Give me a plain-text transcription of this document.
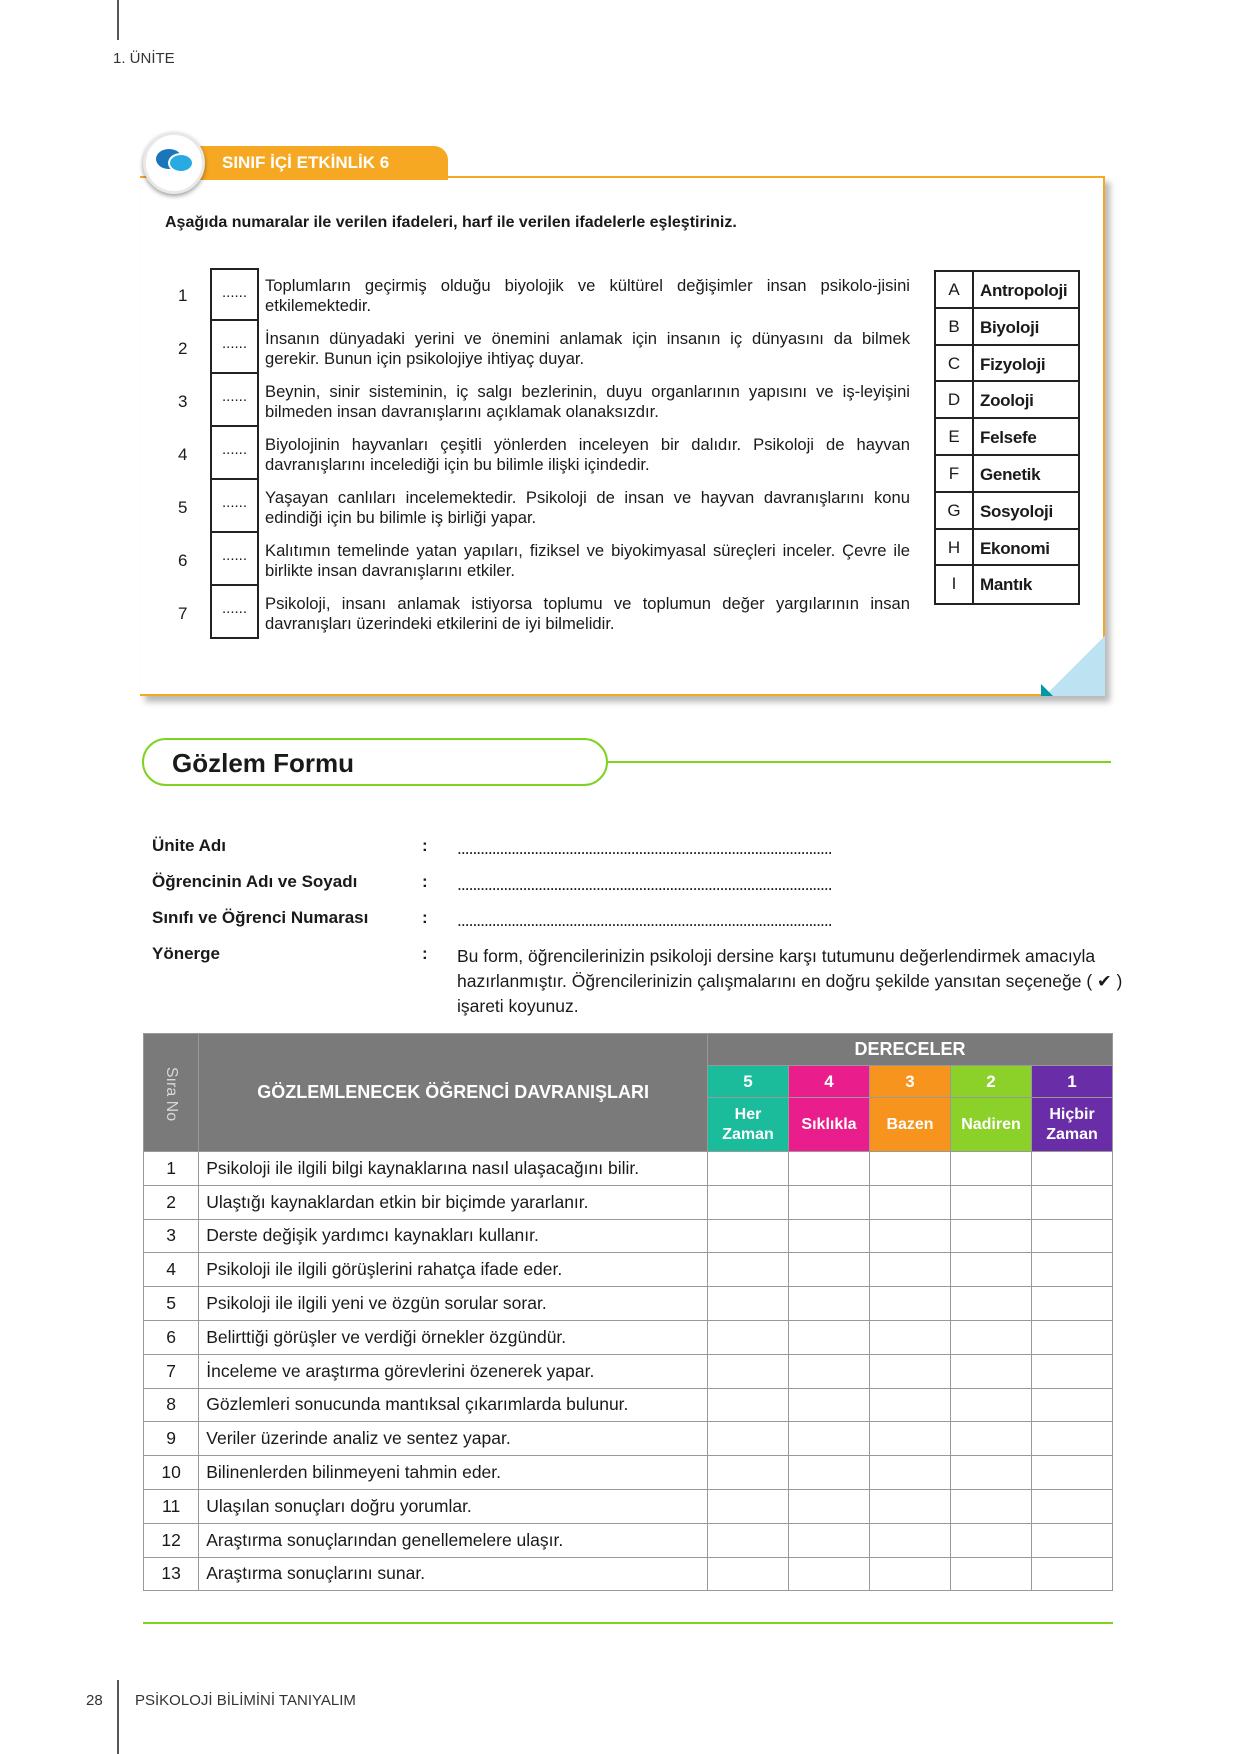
1. ÜNİTE
SINIF İÇİ ETKİNLİK 6
Aşağıda numaralar ile verilen ifadeleri, harf ile verilen ifadelerle eşleştiriniz.
1	......	Toplumların geçirmiş olduğu biyolojik ve kültürel değişimler insan psikolo-jisini etkilemektedir.
2	......	İnsanın dünyadaki yerini ve önemini anlamak için insanın iç dünyasını da bilmek gerekir. Bunun için psikolojiye ihtiyaç duyar.
3	......	Beynin, sinir sisteminin, iç salgı bezlerinin, duyu organlarının yapısını ve iş-leyişini bilmeden insan davranışlarını açıklamak olanaksızdır.
4	......	Biyolojinin hayvanları çeşitli yönlerden inceleyen bir dalıdır. Psikoloji de hayvan davranışlarını incelediği için bu bilimle ilişki içindedir.
5	......	Yaşayan canlıları incelemektedir. Psikoloji de insan ve hayvan davranışlarını konu edindiği için bu bilimle iş birliği yapar.
6	......	Kalıtımın temelinde yatan yapıları, fiziksel ve biyokimyasal süreçleri inceler. Çevre ile birlikte insan davranışlarını etkiler.
7	......	Psikoloji, insanı anlamak istiyorsa toplumu ve toplumun değer yargılarının insan davranışları üzerindeki etkilerini de iyi bilmelidir.
A	Antropoloji
B	Biyoloji
C	Fizyoloji
D	Zooloji
E	Felsefe
F	Genetik
G	Sosyoloji
H	Ekonomi
I	Mantık
Gözlem Formu
Ünite Adı	: .................................................................................................
Öğrencinin Adı ve Soyadı	: .................................................................................................
Sınıfı ve Öğrenci Numarası	: .................................................................................................
Yönerge	: Bu form, öğrencilerinizin psikoloji dersine karşı tutumunu değerlendirmek amacıyla hazırlanmıştır. Öğrencilerinizin çalışmalarını en doğru şekilde yansıtan seçeneğe ( ✔ ) işareti koyunuz.
Sıra No	GÖZLEMLENECEK ÖĞRENCİ DAVRANIŞLARI	DERECELER				
		5	4	3	2	1
		Her Zaman	Sıklıkla	Bazen	Nadiren	Hiçbir Zaman
1	Psikoloji ile ilgili bilgi kaynaklarına nasıl ulaşacağını bilir.					
2	Ulaştığı kaynaklardan etkin bir biçimde yararlanır.					
3	Derste değişik yardımcı kaynakları kullanır.					
4	Psikoloji ile ilgili görüşlerini rahatça ifade eder.					
5	Psikoloji ile ilgili yeni ve özgün sorular sorar.					
6	Belirttiği görüşler ve verdiği örnekler özgündür.					
7	İnceleme ve araştırma görevlerini özenerek yapar.					
8	Gözlemleri sonucunda mantıksal çıkarımlarda bulunur.					
9	Veriler üzerinde analiz ve sentez yapar.					
10	Bilinenlerden bilinmeyeni tahmin eder.					
11	Ulaşılan sonuçları doğru yorumlar.					
12	Araştırma sonuçlarından genellemelere ulaşır.					
13	Araştırma sonuçlarını sunar.					
28 PSİKOLOJİ BİLİMİNİ TANIYALIM
